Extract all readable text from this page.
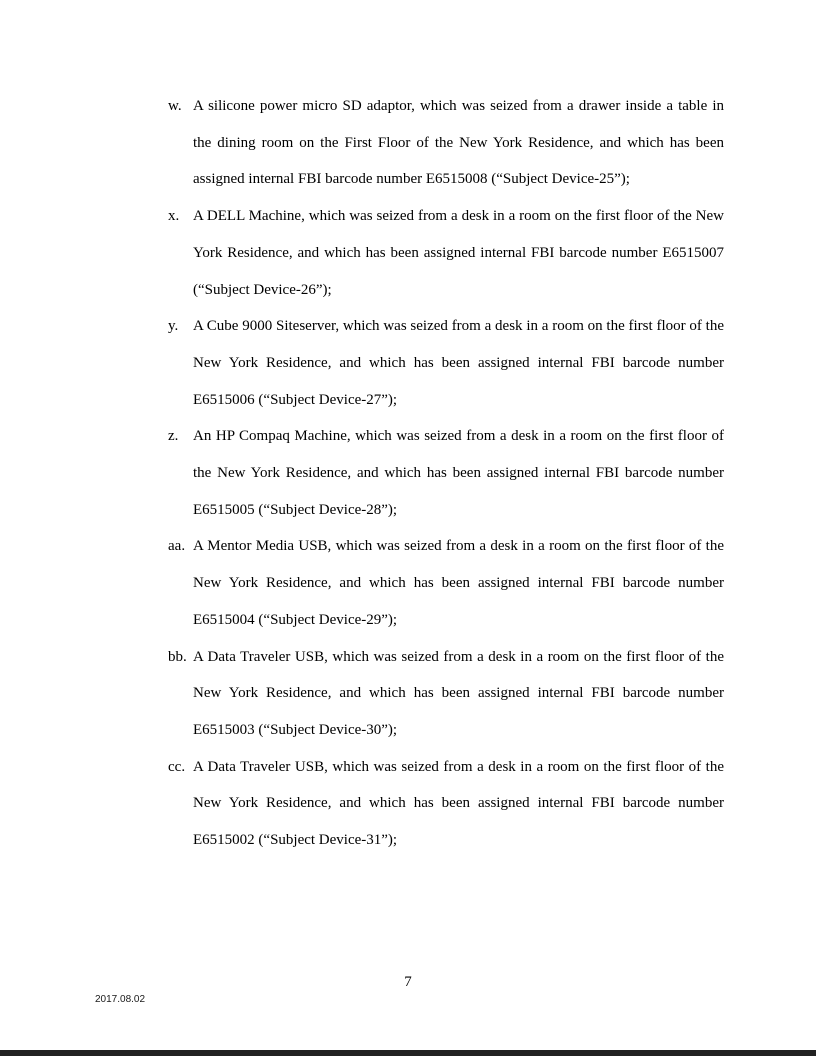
w. A silicone power micro SD adaptor, which was seized from a drawer inside a table in the dining room on the First Floor of the New York Residence, and which has been assigned internal FBI barcode number E6515008 (“Subject Device-25”);
x. A DELL Machine, which was seized from a desk in a room on the first floor of the New York Residence, and which has been assigned internal FBI barcode number E6515007 (“Subject Device-26”);
y. A Cube 9000 Siteserver, which was seized from a desk in a room on the first floor of the New York Residence, and which has been assigned internal FBI barcode number E6515006 (“Subject Device-27”);
z. An HP Compaq Machine, which was seized from a desk in a room on the first floor of the New York Residence, and which has been assigned internal FBI barcode number E6515005 (“Subject Device-28”);
aa. A Mentor Media USB, which was seized from a desk in a room on the first floor of the New York Residence, and which has been assigned internal FBI barcode number E6515004 (“Subject Device-29”);
bb. A Data Traveler USB, which was seized from a desk in a room on the first floor of the New York Residence, and which has been assigned internal FBI barcode number E6515003 (“Subject Device-30”);
cc. A Data Traveler USB, which was seized from a desk in a room on the first floor of the New York Residence, and which has been assigned internal FBI barcode number E6515002 (“Subject Device-31”);
7
2017.08.02
